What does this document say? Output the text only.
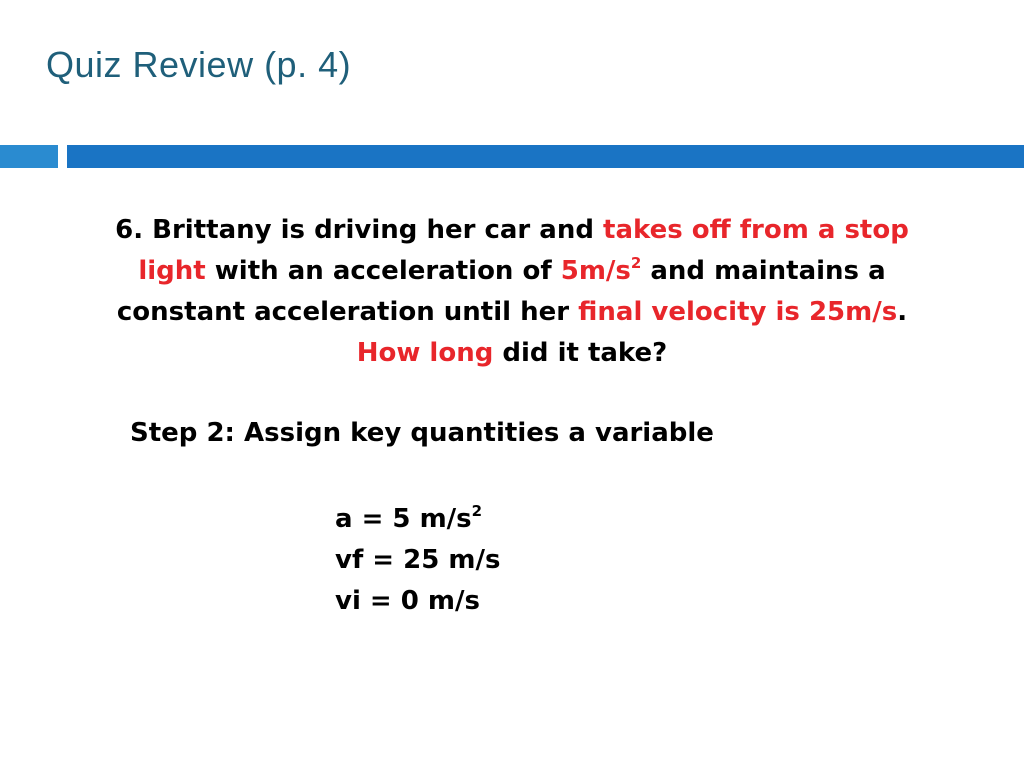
Quiz Review (p. 4)
6. Brittany is driving her car and takes off from a stop
light with an acceleration of $5m/s^2$ and maintains a
constant acceleration until her final velocity is 25m/s.
How long did it take?
Step 2: Assign key quantities a variable
a = 5 $m/s^2$
vf = 25 m/s
vi = 0 m/s
